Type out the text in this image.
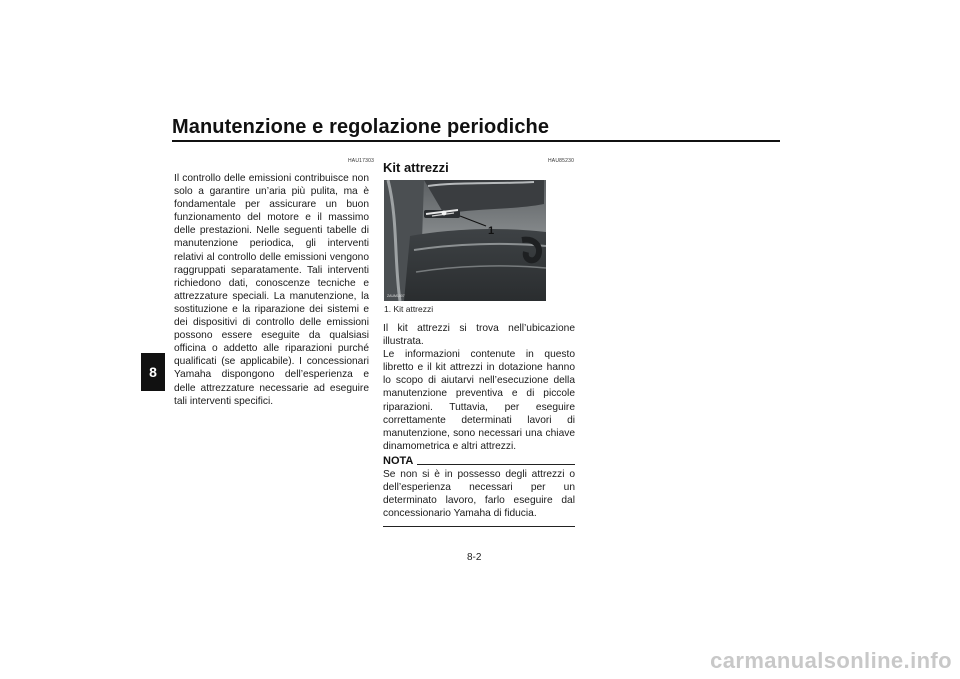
Manutenzione e regolazione periodiche
8
HAU17303

Il controllo delle emissioni contribuisce non solo a garantire un’aria più pulita, ma è fondamentale per assicurare un buon funzionamento del motore e il massimo delle prestazioni. Nelle seguenti tabelle di manutenzione periodica, gli interventi relativi al controllo delle emissioni vengono raggruppati separatamente. Tali interventi richiedono dati, conoscenze tecniche e attrezzature speciali. La manutenzione, la sostituzione e la riparazione dei sistemi e dei dispositivi di controllo delle emissioni possono essere eseguite da qualsiasi officina o addetto alle riparazioni purché qualificati (se applicabile). I concessionari Yamaha dispongono dell’esperienza e delle attrezzature necessarie ad eseguire tali interventi specifici.

HAU85230
Kit attrezzi
1
ZAUM1007
1. Kit attrezzi

Il kit attrezzi si trova nell’ubicazione illustrata.
Le informazioni contenute in questo libretto e il kit attrezzi in dotazione hanno lo scopo di aiutarvi nell’esecuzione della manutenzione preventiva e di piccole riparazioni. Tuttavia, per eseguire correttamente determinati lavori di manutenzione, sono necessari una chiave dinamometrica e altri attrezzi.

NOTA

Se non si è in possesso degli attrezzi o dell’esperienza necessari per un determinato lavoro, farlo eseguire dal concessionario Yamaha di fiducia.

8-2
carmanualsonline.info
